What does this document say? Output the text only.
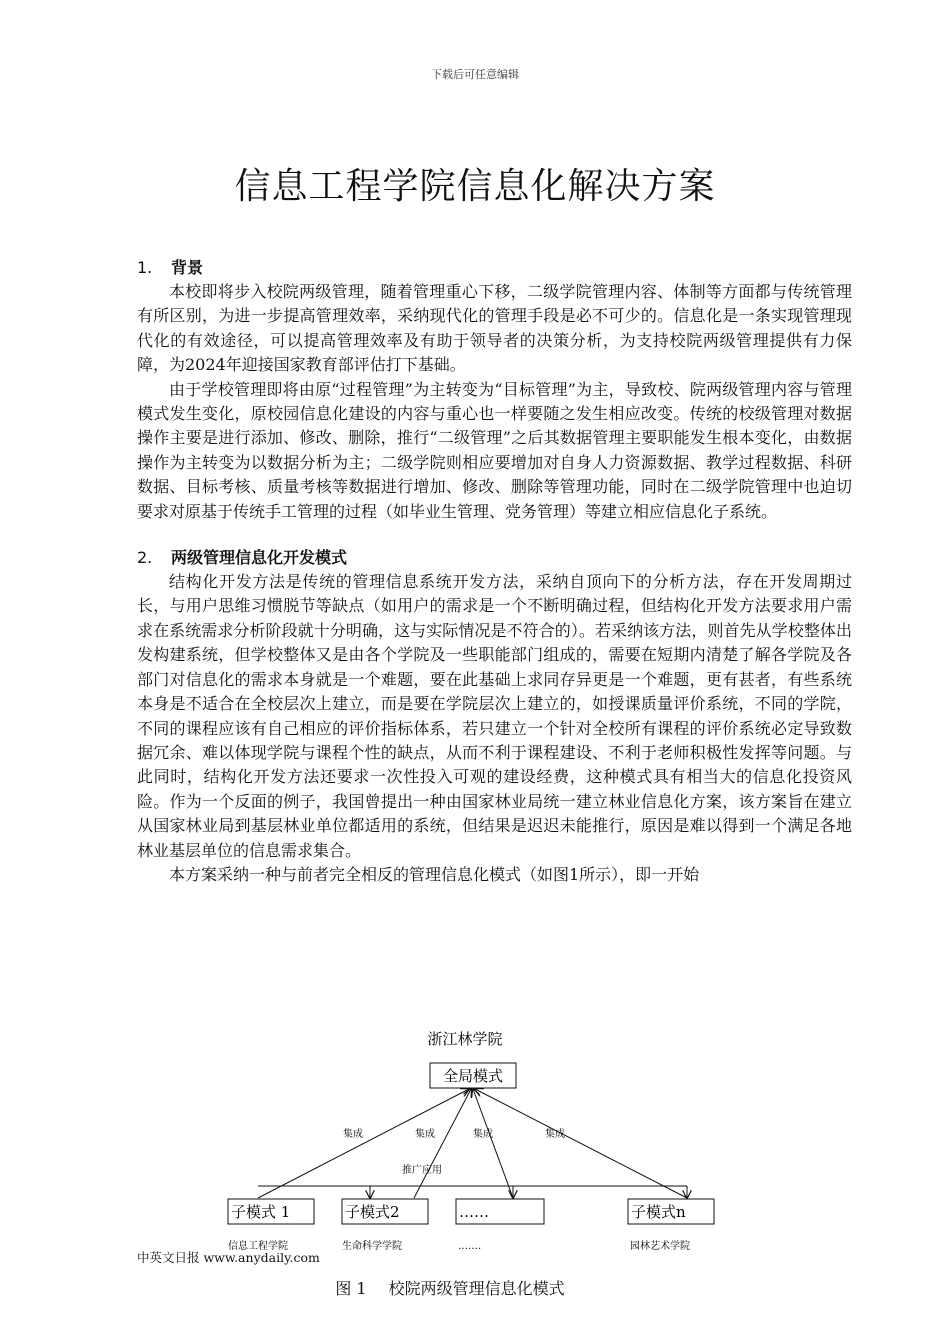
下载后可任意编辑
信息工程学院信息化解决方案
1. 背景

本校即将步入校院两级管理，随着管理重心下移，二级学院管理内容、体制等方面都与传统管理有所区别，为进一步提高管理效率，采纳现代化的管理手段是必不可少的。信息化是一条实现管理现代化的有效途径，可以提高管理效率及有助于领导者的决策分析，为支持校院两级管理提供有力保障，为2024年迎接国家教育部评估打下基础。

由于学校管理即将由原“过程管理”为主转变为“目标管理”为主，导致校、院两级管理内容与管理模式发生变化，原校园信息化建设的内容与重心也一样要随之发生相应改变。传统的校级管理对数据操作主要是进行添加、修改、删除，推行“二级管理”之后其数据管理主要职能发生根本变化，由数据操作为主转变为以数据分析为主；二级学院则相应要增加对自身人力资源数据、教学过程数据、科研数据、目标考核、质量考核等数据进行增加、修改、删除等管理功能，同时在二级学院管理中也迫切要求对原基于传统手工管理的过程（如毕业生管理、党务管理）等建立相应信息化子系统。

2. 两级管理信息化开发模式

结构化开发方法是传统的管理信息系统开发方法，采纳自顶向下的分析方法，存在开发周期过长，与用户思维习惯脱节等缺点（如用户的需求是一个不断明确过程，但结构化开发方法要求用户需求在系统需求分析阶段就十分明确，这与实际情况是不符合的）。若采纳该方法，则首先从学校整体出发构建系统，但学校整体又是由各个学院及一些职能部门组成的，需要在短期内清楚了解各学院及各部门对信息化的需求本身就是一个难题，要在此基础上求同存异更是一个难题，更有甚者，有些系统本身是不适合在全校层次上建立，而是要在学院层次上建立的，如授课质量评价系统，不同的学院，不同的课程应该有自己相应的评价指标体系，若只建立一个针对全校所有课程的评价系统必定导致数据冗余、难以体现学院与课程个性的缺点，从而不利于课程建设、不利于老师积极性发挥等问题。与此同时，结构化开发方法还要求一次性投入可观的建设经费，这种模式具有相当大的信息化投资风险。作为一个反面的例子，我国曾提出一种由国家林业局统一建立林业信息化方案，该方案旨在建立从国家林业局到基层林业单位都适用的系统，但结果是迟迟未能推行，原因是难以得到一个满足各地林业基层单位的信息需求集合。

本方案采纳一种与前者完全相反的管理信息化模式（如图1所示），即一开始

浙江林学院
全局模式
集成	集成	集成	集成
推广应用
子模式 1	子模式2	……	子模式n
信息工程学院	生命科学学院	…….	园林艺术学院
中英文日报 www.anydaily.com
图 1 校院两级管理信息化模式
